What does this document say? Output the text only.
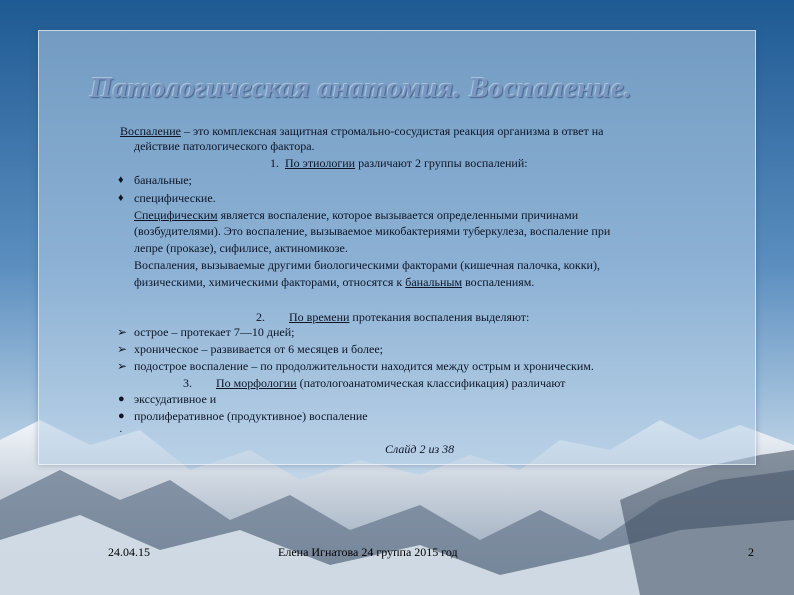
Патологическая анатомия. Воспаление.
Воспаление – это комплексная защитная стромально-сосудистая реакция организма в ответ на
действие патологического фактора.
1. По этиологии различают 2 группы воспалений:
♦ банальные;
♦ специфические.
Специфическим является воспаление, которое вызывается определенными причинами
(возбудителями). Это воспаление, вызываемое микобактериями туберкулеза, воспаление при
лепре (проказе), сифилисе, актиномикозе.
Воспаления, вызываемые другими биологическими факторами (кишечная палочка, кокки),
физическими, химическими факторами, относятся к банальным воспалениям.
2. По времени протекания воспаления выделяют:
➢ острое – протекает 7—10 дней;
➢ хроническое – развивается от 6 месяцев и более;
➢ подострое воспаление – по продолжительности находится между острым и хроническим.
3. По морфологии (патологоанатомическая классификация) различают
● экссудативное и
● пролиферативное (продуктивное) воспаление
·
Слайд 2 из 38
24.04.15	Елена Игнатова 24 группа 2015 год	2
